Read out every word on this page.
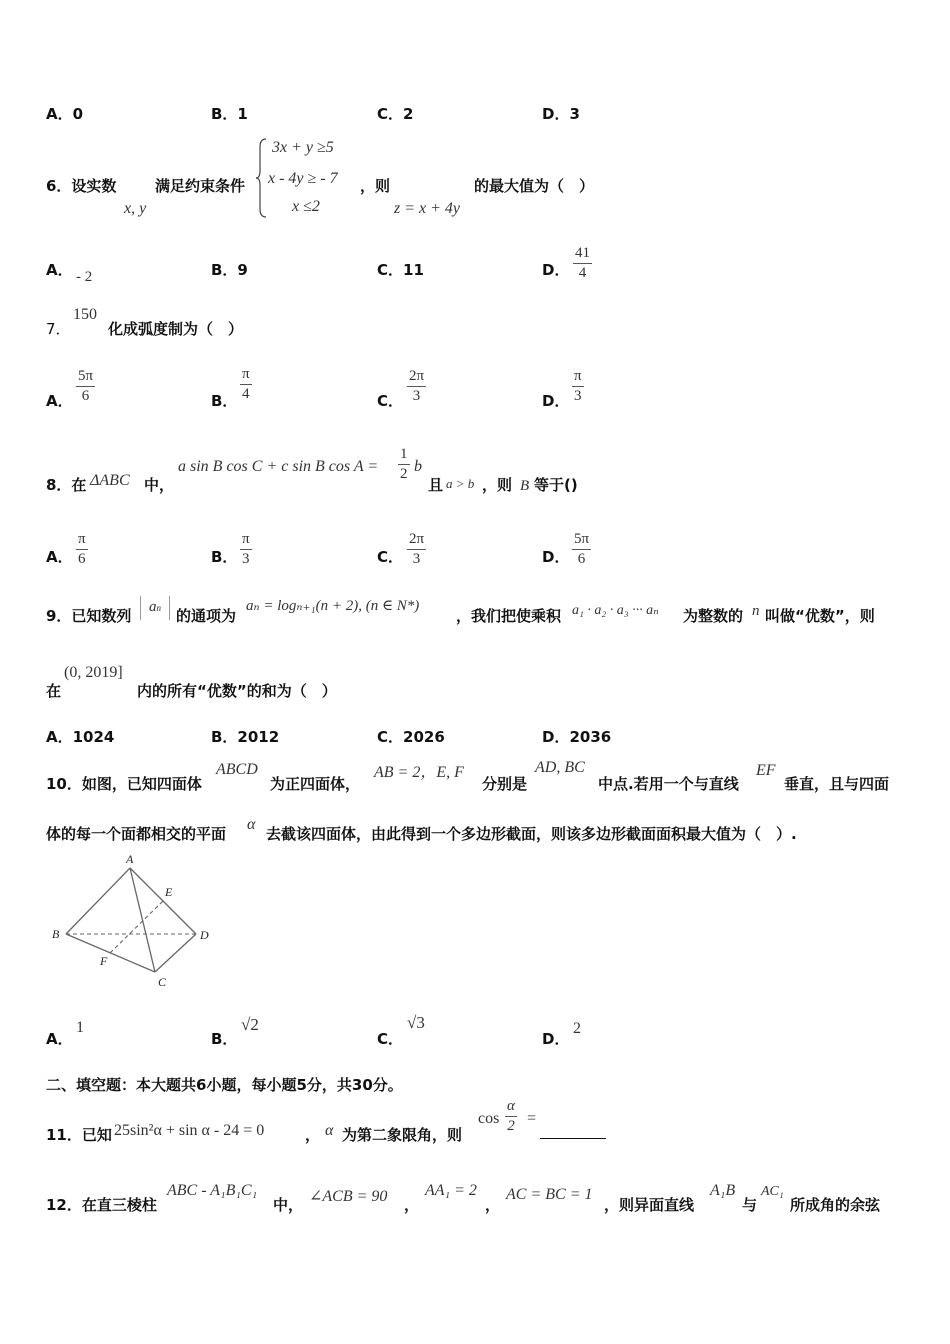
A．0	B．1	C．2	D．3
6．设实数	满足约束条件
x, y
3x + y ≥5
x - 4y ≥ - 7
x ≤2
，则
z = x + 4y
的最大值为（　）
A． - 2	B．9	C．11	D．
41
4
7．
150
化成弧度制为（　）
A．
5π
6	B．
π
4	C．
2π
3	D．
π
3
8．在 ΔABC 中，
a sin B cos C + c sin B cos A =
1
2 b
且 a > b ，则 B 等于()
A．
π
6	B．
π
3	C．
2π
3	D．
5π
6
9．已知数列	an	的通项为
aₙ = logₙ₊₁(n + 2), (n ∈ N*)
，我们把使乘积 a₁ · a₂ · a₃ ··· aₙ 为整数的 n 叫做“优数”，则
在
(0, 2019]
内的所有“优数”的和为（　）
A．1024	B．2012	C．2026	D．2036
10．如图，已知四面体
ABCD
为正四面体，
AB = 2，E, F
分别是
AD, BC
中点.若用一个与直线
EF
垂直，且与四面
体的每一个面都相交的平面
α
去截该四面体，由此得到一个多边形截面，则该多边形截面面积最大值为（　）.
A
B
C
D
E
F
A．
1
B．
√2
C．
√3
D．
2
二、填空题：本大题共6小题，每小题5分，共30分。
11．已知 25sin²α + sin α - 24 = 0	， α 为第二象限角，则
cos
α
2 =
12．在直三棱柱
ABC - A₁B₁C₁
中， ∠ACB = 90 ，
AA₁ = 2
，
AC = BC = 1
，则异面直线
A₁B
与
AC₁
所成角的余弦
